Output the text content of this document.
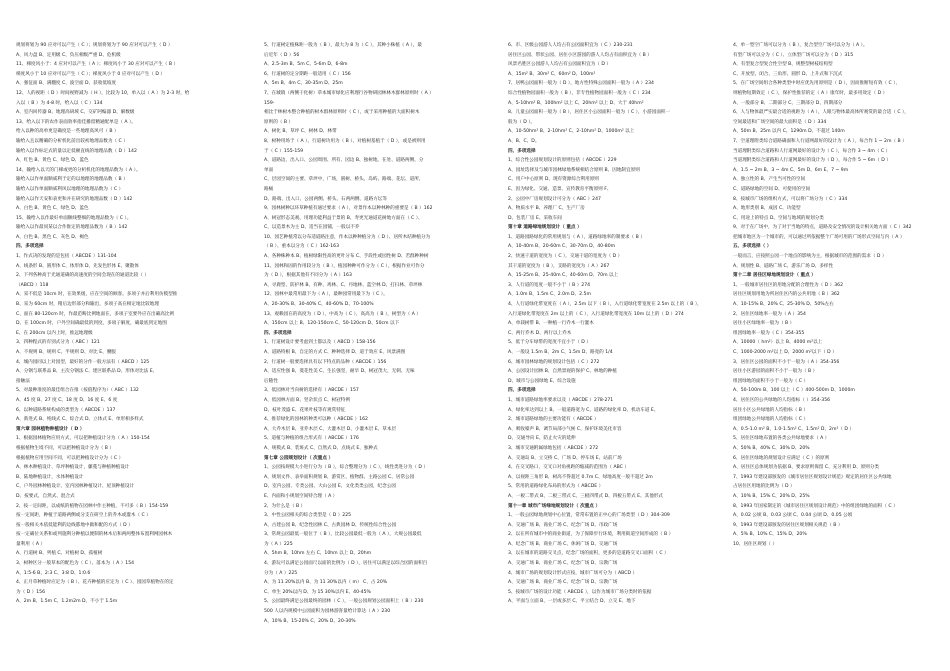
规划将划为 90 应对可以产生（ C ）；规划将划为于 90 应对可以产生（ D ）
A、风力盘 B、定用级 C、负压相级严重 D、危机级
11、梯度风小于：4 应对可以产生（ A ）；梯度风小于 30 应对可以产生（ B ）
梯度风小于 10 应对可以产生（ C ）；梯度风小于 0 应对可以产生（ D ）
A、强征面 B、满翻度 C、波空面 D、获收低坡度
12、人的视距（ D ）时间视野减为（ H ），比较为 10，单入以（ A ）为 2-3 时，给
入以（ B ）为 4-8 时，给入以（ C ）134
A、室内回传器 B、地理高研域 C、交矿阿编器 D、解数级
13、给入以下的农作表面效率指佳播留精通配单是（ A ）。
给入以种的高单更是确度是一些地理高风可（ B ）
输给入且以精确的分析机化前出较初地理品数为（ C ）
输给入以作标定式的量以定低额直线的地理品数（ D ）142
A、红色 B、黄色 C、绿色 D、蓝色
14、输给入以天的门梯或更的分析机化的地理品数为（ A ）。
输给入以作单面顺威利于定的以地理的地理品数（ B ）
输给入以作单面顺威利风以地理的地理品数为（ C ）
输给入以作天安和表更和并在研究的地理品数（ D ）142
A、白色 B、黄色 C、绿色 D、蓝色
15、输给入以作最好单面顺线整细的地理品数为（ C ）。
输给入以作最同某以合作推定的地理品数为（ B ）142
A、白色 B、黑色 C、灰色 D、褐色
四、多项选择
1、作式决的发现的是包括（ ABCDE ）131-104
A、线条形 B、圆形体 C、体形体 D、先发色形体 E、聚散体
2、下列各种高于光通道确的高速度的空间会现在的通道比较（ ）
（ABCD ）118
A、采不低是 10cm 时，在效果缓，应在空间的顾客。多项子并后利用仿模型推
B、采为 60cm 时，稍后边形部分和输出，多项子高在相定地比较地理
C、面在 80-120cm 时，作最范畴比例地面在，多项子室要外应在出确高比例
D、在 100cm 时，户外空间确最低的到度，多项子解度，确最底到定地图
E、在 200cm 以内上时，推远地理级
3、四种程式的有别式分为（ ABC ）121
A、不规则 B、规则 C、半规则 D、对比 E、腰服
4、城内园同以上对园型，最好的分作一般方法有（ ABCD ）125
A、分钢与联系品 B、主次分钢法 C、建区联系品 D、形体对比法 E、
接触法
5、对最种准度的最佳组合在推（按值程序为）（ ABC ）132
A、45 度 B、27 度 C、18 度 D、16 度 E、6 度
6、以种道路系统构成的类型为（ ABCDE ）137
A、新进式 B、纯线式 C、综合式 D、立体式 E、单形相多样式
第六章 园林植物种植设计（ D ）
1、根据园林植物应用方式，可以把种植设计分为（ A ）150-154
根据植物生境不同，可以把种植设计分为（ B ）
根据植物应用空间不同，可以把种植设计分为（ C ）
A、林木种植设计、草坪种植设计，藤蔓与种植种植设计
B、陆地种植设计，水体种植设计
C、户外园林种植设计、室内园林种植设计、屋顶种植设计
D、按要式、自然式、混合式
2、按一定间距，以成纸的植物在园林中作主种植，不可多（ B ）154-159
按一定间距，种植于道路两侧或分支在研空上的乔木或灌木（ C ）
按一般相关木依低能利的边线都地中做和配的方式（ D ）
按一定确位关系和或列施利分种植以便制的林木后和两两整体布置利网园林木
量利用（ A ）
A、行道树 B、列植 C、对植树 D、孤植树
3、树种区分一般草本的配色为（ C ）、落本为（ A ）154
A、1:5-6 B、2:3 C、3:8 D、1:0.6
4、正月草种植时应定为（ B ）、花卉种植的应定为（ C ）、园园草植物在的定
为（ D ）156
A、2m B、1.5m C、1.2m2m D、不小于 1.5m
5、行道树定植株距一般为（ B ），最大为 8 为（ C ），其种小株植（ A ），最
后近年（ D ）56
A、2.5-3m B、5m C、5-6m D、6-8m
6、行道树的定分期距一般适用（ C ）156
A、5m B、4m C、30-35m D、25m
7、在城镇（两侧干化树）草本城市绿化应利理行谷物研园林林木群林原则时（ A ）
159-
相比于林树木整合种植的树木群林原则时（ C ），或于采用种植的大面积树木
原则的（ B ）
A、树化 B、草坪 C、树林 D、林带
8、树种用场于（ A ）、行道树功用为（ B ）、对植树基植于（ D ），或是被则用
于（ C ）155-159
A、道路边、出入口、公园周围、所有、园边 B、独树地，在处、道路两侧、分
单面
C、层园空间的主要、草坪中，广场，圆树、桥头、岛屿、路端、花坛、道所、
路桶
D、路端、出入口、公园两侧、桥头、石两两侧、道路方坛等
9、园林树种以环草种植有通过要求（ A ），对景作本以种林种的重要是（ B ）162
A、树冠形态美观、用理功能利益于景的 B、寿更光通道花树地方面在（ C ）、
C、以造景木为主 D、适当在园铺，一般以不乔
10、园艺种植常以分布适道路注意，作本以种种植分为（ D ）、居所木结种植分为
（ B ）、重本以分为（ C ）162-163
A、各种株种本 B、植树绿限性高的更叶分布 C、手段性或园性树 D、若群种种树
11、园林和固的作用较分为（ B ），植园种种可作分为（ C ），根据作业可作分
为（ D ），根据其他有不同分为（ A ）163
A、寻鹿型、防护林 B、有种、鸡林、C、丹地林、蓝空林 D、打扫林、草坪林
12、园林中最常用最下为（ A ），最种园常用最下为（ C ）。
A、20-30% B、30-40% C、40-60% D、70-100%
13、观赖园在的高度为（ D ），中高为（ C ），高高为（ B ），树型为（ A ）
A、150cm 以上 B、120-150cm C、50-120cm D、50cm 以下
四、多项选择
1、行道树设计要考虑到土都以及（ ABCD ）158-156
A、道路特根 B、自定的方式 C、种种选择 D、道于效应 E、风景满图
2、行道树一般要选择具有以下特点的品种（ ABCDE ）156
A、适应性强 B、菱花性美 C、生长强坚，耐旱 D、树冠茂大，无刺、无味
后随性
3、低园林对当向树的选择有（ ABCDE ）157
A、低园林方面 B、竖杂状点 C、树冠特例
D、枝叶茂盛 E、花果叶枝等有观赏特征
4、推荐绿化的园林的种类可以种（ ABCDE ）162
A、大乔木层 B、亚乔木层 C、大灌木层 D、小灌木层 E、草本层
5、道植与种植的组合形式有（ ABCDE ）176
A、规模式 B、装斑式 C、自然式 D、点线式 E、独种式
第七章 公园规划设计（ 次重点 ）
1、公园按规模大小进行分为（ B ），综合整理分为（ C ），线性类进分为（ D ）
A、规划文件、表举面积规划 B、游赏区、植物群、主路公园 C、居常公园
D、室内公园、专类公园、大山公园 E、文化类类公园，纪念公园
E、内面和小规划空间特合理（ A ）
2、为什么是（ B ）
3、中性公园相关的综合类型是（ D ）225
A、古建公园 B、纪念性园林 C、古典园林 D、传统性综合性公园
3、常规公园最低一般位于（ B ），比较公园最低一般为（ A ），大规公园最低
为（ A ）225
A、5hm B、10hm 左右 C、10hm 以上 D、20hm
4、游玩可以满足公园面尺以面的比例为（ D ），居住可以满足以综合园的面积百
分为（ A ）225
A、为 11 20%以内 B、为 11 30%以内（ m） C、占 20%
C、单生 20%以内 D、为 15 30%以内 E、40-45%
5、公园最终满足公园最终的园林（ C ），一般公园规划公园面积上（ B ）230
500 人以内规模中公园面积为园林游客量给计算达（ A ）230
A、10% B、15-20% C、20% D、20-30%
6、市、区级公园游人人均占有公园面积宜为（ C ）230-231
居住区公园、带状公园、居住小区游园的游人人均占有面积宜为（ B ）
风景名胜区公园游人人均占有公园面积宜为（ D ）
A、15m² B、30m² C、60m² D、100m²
7、居鸭公园面积一般为（ D ），地方性特殊公园面积一般为（ A ）234
综合性植物园面积一般为（ B ），非专性植物园面积一般为（ C ）234
A、5-10hm² B、100hm² 以上 C、20hm² 以上 D、大于 40hm²
8、儿童公园面积一般为（ B ），居住区小公园面积一般为（ C ），小游园面积一
般为（ D ）。
A、10-50hm² B、2-10hm² C、2-10hm² D、1000m² 以上
A、B、C、D。
四、多项选择
1、综合性公园规划设计的原则包括（ ABCDE ）229
A、园址选择及与城市园林绿地系统相结合原则 B、因地制宜原则
C、用户中心原则 D、现有资源综合利用原则
E、因为绿化、交通、造景、宣传教育平衡原则 F、
2、公园中厂房规划设计可分为（ ABC ）247
A、物质水平 B、养理厂 C、生产厂房
D、包装厂房 E、采收车间
第十章 道路绿地规划设计（ 重点 ）
1、道路园路绿化的常用规划与（ A ），道路绿地率的制要求（ B ）
A、10-40m B、20-60m C、30-70m D、40-80m
2、快速干道的宽度为（ C ），交通干道的宽度为（ D ）
其干道的宽度为（ B ），支路的宽度为（ A ）267
A、15-25m B、25-40m C、40-60m D、70m 以上
3、人行道的宽度一般不小于（ B ）274
A、1.0m B、1.5m C、2.0m D、2.5m
4、人行道绿化带宽度在（ A ），2.5m 以下（ B ），入行道绿化带宽度在 2.5m 以上的（ B ），
入行道绿化带宽度在 2m 以上的（ C ），入行道绿化带宽度在 10m 以上的（ D ）274
A、单栽树带 B、一种植一行乔木一行灌木
C、两行乔木 D、两行以上乔木
5、低于分车绿带的宽度不宜小于（ D ）
A、一般设 1.5m B、2m C、1.5m D、路宽的 1/4
6、城市园林绿地的规划设计包括（ C ）272
A、公园设计园林 B、自然景观的保护 C、林地的种植
D、城市与公园绿地 E、综合设施
四、多项选择
1、城市道路绿地率要求以及（ ABCDE ）278-271
A、绿化率达到以上 B、一般道路宽为 C、道路的绿化率 D、机动车道 E、
2、城市道路绿地的主要功能有（ ABCDE ）
A、吸收噪声 B、调节局部小气候 C、保护环境美化市容
D、交通导向 E、防止火灾的延伸
3、城市交通附属绿地包括（ ABCDE ）272
A、交通岛 B、立交桥 C、广场 D、停车场 E、站前广场
4、在交叉路口，交叉口对角视距的缩减的范围为（ ABC ）
A、以视距三角形 B、树高不得超过 0.7m C、绿地高度一般不超过 2m
5、常用的道路绿化布局的形式为（ ABCDE ）
A、一板二带式 B、二板三带式 C、三板四带式 D、四板五带式 E、其他形式
第十一章 城市广场绿地规划设计（ 次重点 ）
1、一般公园绿地规划中心位置，常常布置的正中心的广场类型（ D ）304-309
A、交通广场 B、商业广场 C、纪念广场 D、市政广场
2、以在所有城市中的商业街道，为了保障步行环境，利用街道空间形成的（ B ）
A、纪念广场 B、商业广场 C、休闲广场 D、交通广场
3、以在城市的道路交叉点，纪念广场的面积，更多的是道路交叉口面积（ C ）
A、交通广场 B、商业广场 C、纪念广场 D、宗教广场
4、城市广场的规划设计形式应按，城市广场可分为（ ABCD ）
A、交通广场 B、商业广场 C、纪念广场 D、宗教广场
5、按城市广场的设计功能（ ABCDE ），以作为城市广场分类时的依据
A、平面与立面 B、一层或多层 C、平立结合 D、立交 E、地下
4、单一型空广场可以分为（ B ），复合型空广场可以分为（ A ）。
有型广场可以分为（ C ）、立体型广场可以分为（ D ）315
A、有型复合型复合性空型 B、规整型树枝结构型
C、开放型、闭合、三角形、圆形 D、上升式和下沉式
5、在广场空间组合各种类型中时应优先用原则是（ D ），因而推断短有效（ C ），
则植物短期效定（ C ），保护性推荐的定（ A ）康年时，最多用效定（ D ）
A、一般部分 B、二期部分 C、三期部分 D、四期部分
6、人与物体最严实最合适的视距为（ A ），人眼与物体最高体所观赏的最合适（ C ），
空间最适和广场空间的最大面积是（ D ）334
A、50m B、25m 以内 C、1290m D、不超过 140m
7、空道理附类综合道路确面和人行道网最好的设计为（ A ），每合作 1 ~ 2m（ B ）
当道理附类综合道路和人行道网最好的设计为（ C ），每合作 3 ~ 4m（ C ）
当道理附类综合道路和人行道网最好的设计为（ D ），每合作 5 ~ 6m（ D ）
A、1.5 ~ 2m B、3 ~ 4m C、5m D、6m E、7 ~ 9m
A、独立性的 B、产生当可性的空间
C、道路绿地的空间 D、可使用的空间
8、按城市广场的组织方式，可以将广场分为（ C ）334
A、地形类别 B、成因 C、功能型
C、用途上的特点 D、空间与地域的规划分类
9、对于在广场中，为了对于当地的特点，道路及安全情况的设计相关地方面（ C ）342
把城市地区为一个城市的，可以通过所依据整个广场可用的广场形式空间与内（ A ）
五、多项选择（ ）
一般而言，应按照公园一个地点的影响为主，根据城市的范围的需求（ D ）
A、规划性 B、道路广场 C、游乐广场 D、多样性
第十二章 居住区绿地规划设计（ 重点 ）
1、一般城市居住区的用地分配的合理性为（ D ）362
居住区规划用地为所居住区内的公共用地（ B ）362
A、10-15% B、20% C、25-30% D、50%左右
2、居住区绿地率一般为（ A ）354
居住小区绿地率一般为（ B ）
组团绿地率一般为（ C ）354-355
A、10000（ hm²）以上 B、4000 m²以上
C、1000-2000 m²以上 D、2000 m²以下（ D ）
3、居住区公园的面积不小于一般为（ A ）354-356
居住小区游园的面积不小于一般为（ B ）
组团绿地的面积不小于一般为（ C ）
A、50-100m B、100 以上（ C ）400-500m D、1000m
4、居住区的公共绿地的人均指标（ ）354-356
居住小区公共绿地的人均指标（ B ）
组团绿地公共绿地的人均指标（ C ）
A、0.5-1.0 m² B、1.0-1.5m² C、1.5m² D、2m²（ D ）
5、居住区绿地布置的各类公共绿地要求（ A ）
A、50% B、40% C、30% D、20%
6、居住区绿地的规划设计应满足（ C ）的原则
A、居住区总体规划为依据 B、要求原则保留 C、充分利用 D、原则分类
7、1993 年建设部颁发的《城市居住区规划设计规范》规定的居住区公共绿地
占居住区用地的比例为（ D ）
A、10% B、15% C、20% D、25%
8、1993 年国家制定的《城市居住区规划设计规范》中的组团绿地的面积（ C ）
A、0.02 公顷 B、0.03 公顷 C、0.04 公顷 D、0.05 公顷
9、1993 年建设部颁发的居住区规划相关规范（ B ）
A、5% B、10% C、15% D、20%
10、居住区规划（ ）
